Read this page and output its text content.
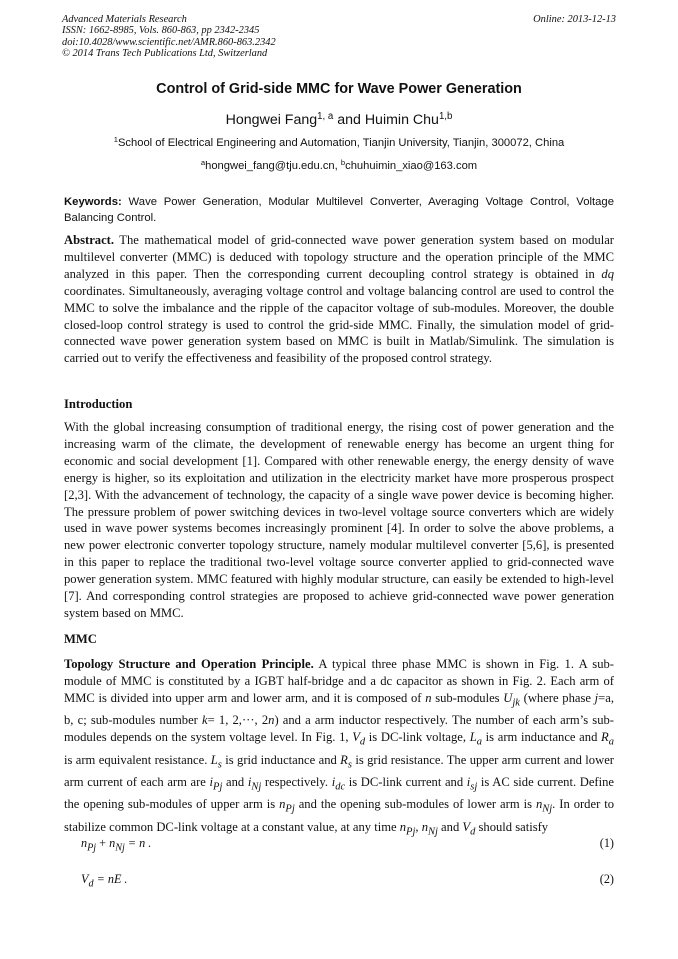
Advanced Materials Research
ISSN: 1662-8985, Vols. 860-863, pp 2342-2345
doi:10.4028/www.scientific.net/AMR.860-863.2342
© 2014 Trans Tech Publications Ltd, Switzerland
Online: 2013-12-13
Control of Grid-side MMC for Wave Power Generation
Hongwei Fang$^{1, a}$ and Huimin Chu$^{1,b}$
$^1$School of Electrical Engineering and Automation, Tianjin University, Tianjin, 300072, China
$^a$hongwei_fang@tju.edu.cn, $^b$chuhuimin_xiao@163.com
Keywords: Wave Power Generation, Modular Multilevel Converter, Averaging Voltage Control, Voltage Balancing Control.
Abstract. The mathematical model of grid-connected wave power generation system based on modular multilevel converter (MMC) is deduced with topology structure and the operation principle of the MMC analyzed in this paper. Then the corresponding current decoupling control strategy is obtained in dq coordinates. Simultaneously, averaging voltage control and voltage balancing control are used to control the MMC to solve the imbalance and the ripple of the capacitor voltage of sub-modules. Moreover, the double closed-loop control strategy is used to control the grid-side MMC. Finally, the simulation model of grid-connected wave power generation system based on MMC is built in Matlab/Simulink. The simulation is carried out to verify the effectiveness and feasibility of the proposed control strategy.
Introduction
With the global increasing consumption of traditional energy, the rising cost of power generation and the increasing warm of the climate, the development of renewable energy has become an urgent thing for economic and social development [1]. Compared with other renewable energy, the energy density of wave energy is higher, so its exploitation and utilization in the electricity market have more prosperous prospect [2,3]. With the advancement of technology, the capacity of a single wave power device is becoming higher. The pressure problem of power switching devices in two-level voltage source converters which are widely used in wave power systems becomes increasingly prominent [4]. In order to solve the above problems, a new power electronic converter topology structure, namely modular multilevel converter [5,6], is presented in this paper to replace the traditional two-level voltage source converter applied to grid-connected wave power generation system. MMC featured with highly modular structure, can easily be extended to high-level [7]. And corresponding control strategies are proposed to achieve grid-connected wave power generation system based on MMC.
MMC
Topology Structure and Operation Principle. A typical three phase MMC is shown in Fig. 1. A sub-module of MMC is constituted by a IGBT half-bridge and a dc capacitor as shown in Fig. 2. Each arm of MMC is divided into upper arm and lower arm, and it is composed of n sub-modules $U_{jk}$ (where phase j=a, b, c; sub-modules number k= 1, 2,···, 2n) and a arm inductor respectively. The number of each arm’s sub-modules depends on the system voltage level. In Fig. 1, $V_d$ is DC-link voltage, $L_a$ is arm inductance and $R_a$ is arm equivalent resistance. $L_s$ is grid inductance and $R_s$ is grid resistance. The upper arm current and lower arm current of each arm are $i_{Pj}$ and $i_{Nj}$ respectively. $i_{dc}$ is DC-link current and $i_{sj}$ is AC side current. Define the opening sub-modules of upper arm is $n_{Pj}$ and the opening sub-modules of lower arm is $n_{Nj}$. In order to stabilize common DC-link voltage at a constant value, at any time $n_{Pj}$, $n_{Nj}$ and $V_d$ should satisfy
$n_{Pj} + n_{Nj} = n$ .	(1)
$V_d$ = nE .	(2)
